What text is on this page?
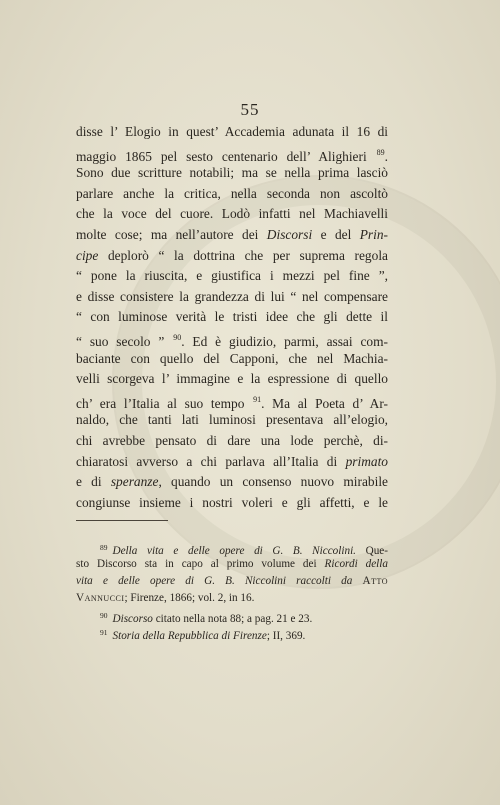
55
disse l’ Elogio in quest’ Accademia adunata il 16 di
maggio 1865 pel sesto centenario dell’ Alighieri $^{89}$.
Sono due scritture notabili; ma se nella prima lasciò
parlare anche la critica, nella seconda non ascoltò
che la voce del cuore. Lodò infatti nel Machiavelli
molte cose; ma nell’autore dei Discorsi e del Prin-
cipe deplorò “ la dottrina che per suprema regola
“ pone la riuscita, e giustifica i mezzi pel fine ”,
e disse consistere la grandezza di lui “ nel compensare
“ con luminose verità le tristi idee che gli dette il
“ suo secolo ” $^{90}$. Ed è giudizio, parmi, assai com-
baciante con quello del Capponi, che nel Machia-
velli scorgeva l’ immagine e la espressione di quello
ch’ era l’Italia al suo tempo $^{91}$. Ma al Poeta d’ Ar-
naldo, che tanti lati luminosi presentava all’elogio,
chi avrebbe pensato di dare una lode perchè, di-
chiaratosi avverso a chi parlava all’Italia di primato
e di speranze, quando un consenso nuovo mirabile
congiunse insieme i nostri voleri e gli affetti, e le
$^{89}$ Della vita e delle opere di G. B. Niccolini. Que-
sto Discorso sta in capo al primo volume dei Ricordi della
vita e delle opere di G. B. Niccolini raccolti da Atto
Vannucci; Firenze, 1866; vol. 2, in 16.
$^{90}$ Discorso citato nella nota 88; a pag. 21 e 23.
$^{91}$ Storia della Repubblica di Firenze; II, 369.
